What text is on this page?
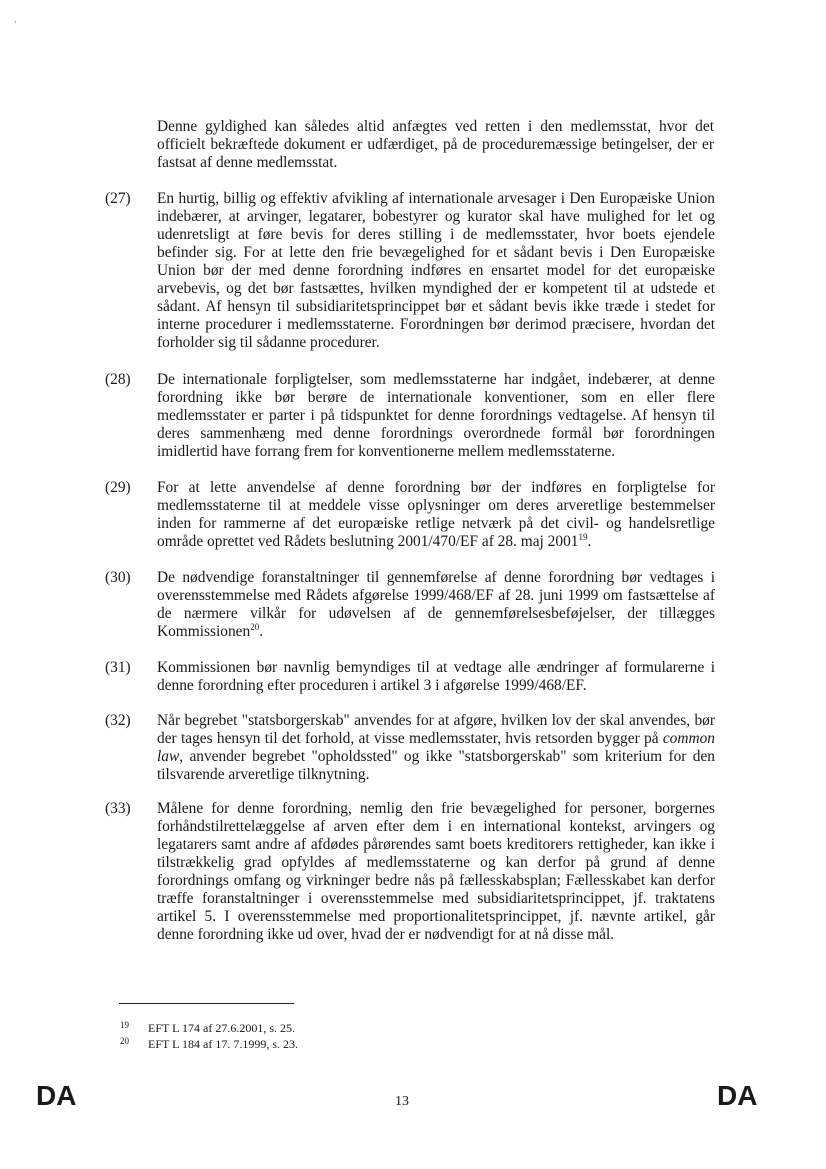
,
Denne gyldighed kan således altid anfægtes ved retten i den medlemsstat, hvor det officielt bekræftede dokument er udfærdiget, på de proceduremæssige betingelser, der er fastsat af denne medlemsstat.
(27)	En hurtig, billig og effektiv afvikling af internationale arvesager i Den Europæiske Union indebærer, at arvinger, legatarer, bobestyrer og kurator skal have mulighed for let og udenretsligt at føre bevis for deres stilling i de medlemsstater, hvor boets ejendele befinder sig. For at lette den frie bevægelighed for et sådant bevis i Den Europæiske Union bør der med denne forordning indføres en ensartet model for det europæiske arvebevis, og det bør fastsættes, hvilken myndighed der er kompetent til at udstede et sådant. Af hensyn til subsidiaritetsprincippet bør et sådant bevis ikke træde i stedet for interne procedurer i medlemsstaterne. Forordningen bør derimod præcisere, hvordan det forholder sig til sådanne procedurer.
(28)	De internationale forpligtelser, som medlemsstaterne har indgået, indebærer, at denne forordning ikke bør berøre de internationale konventioner, som en eller flere medlemsstater er parter i på tidspunktet for denne forordnings vedtagelse. Af hensyn til deres sammenhæng med denne forordnings overordnede formål bør forordningen imidlertid have forrang frem for konventionerne mellem medlemsstaterne.
(29)	For at lette anvendelse af denne forordning bør der indføres en forpligtelse for medlemsstaterne til at meddele visse oplysninger om deres arveretlige bestemmelser inden for rammerne af det europæiske retlige netværk på det civil- og handelsretlige område oprettet ved Rådets beslutning 2001/470/EF af 28. maj 2001$^{19}$.
(30)	De nødvendige foranstaltninger til gennemførelse af denne forordning bør vedtages i overensstemmelse med Rådets afgørelse 1999/468/EF af 28. juni 1999 om fastsættelse af de nærmere vilkår for udøvelsen af de gennemførelsesbeføjelser, der tillægges Kommissionen$^{20}$.
(31)	Kommissionen bør navnlig bemyndiges til at vedtage alle ændringer af formularerne i denne forordning efter proceduren i artikel 3 i afgørelse 1999/468/EF.
(32)	Når begrebet "statsborgerskab" anvendes for at afgøre, hvilken lov der skal anvendes, bør der tages hensyn til det forhold, at visse medlemsstater, hvis retsorden bygger på common law, anvender begrebet "opholdssted" og ikke "statsborgerskab" som kriterium for den tilsvarende arveretlige tilknytning.
(33)	Målene for denne forordning, nemlig den frie bevægelighed for personer, borgernes forhåndstilrettelæggelse af arven efter dem i en international kontekst, arvingers og legatarers samt andre af afdødes pårørendes samt boets kreditorers rettigheder, kan ikke i tilstrækkelig grad opfyldes af medlemsstaterne og kan derfor på grund af denne forordnings omfang og virkninger bedre nås på fællesskabsplan; Fællesskabet kan derfor træffe foranstaltninger i overensstemmelse med subsidiaritetsprincippet, jf. traktatens artikel 5. I overensstemmelse med proportionalitetsprincippet, jf. nævnte artikel, går denne forordning ikke ud over, hvad der er nødvendigt for at nå disse mål.
19 EFT L 174 af 27.6.2001, s. 25.
20 EFT L 184 af 17. 7.1999, s. 23.
DA	13	DA
